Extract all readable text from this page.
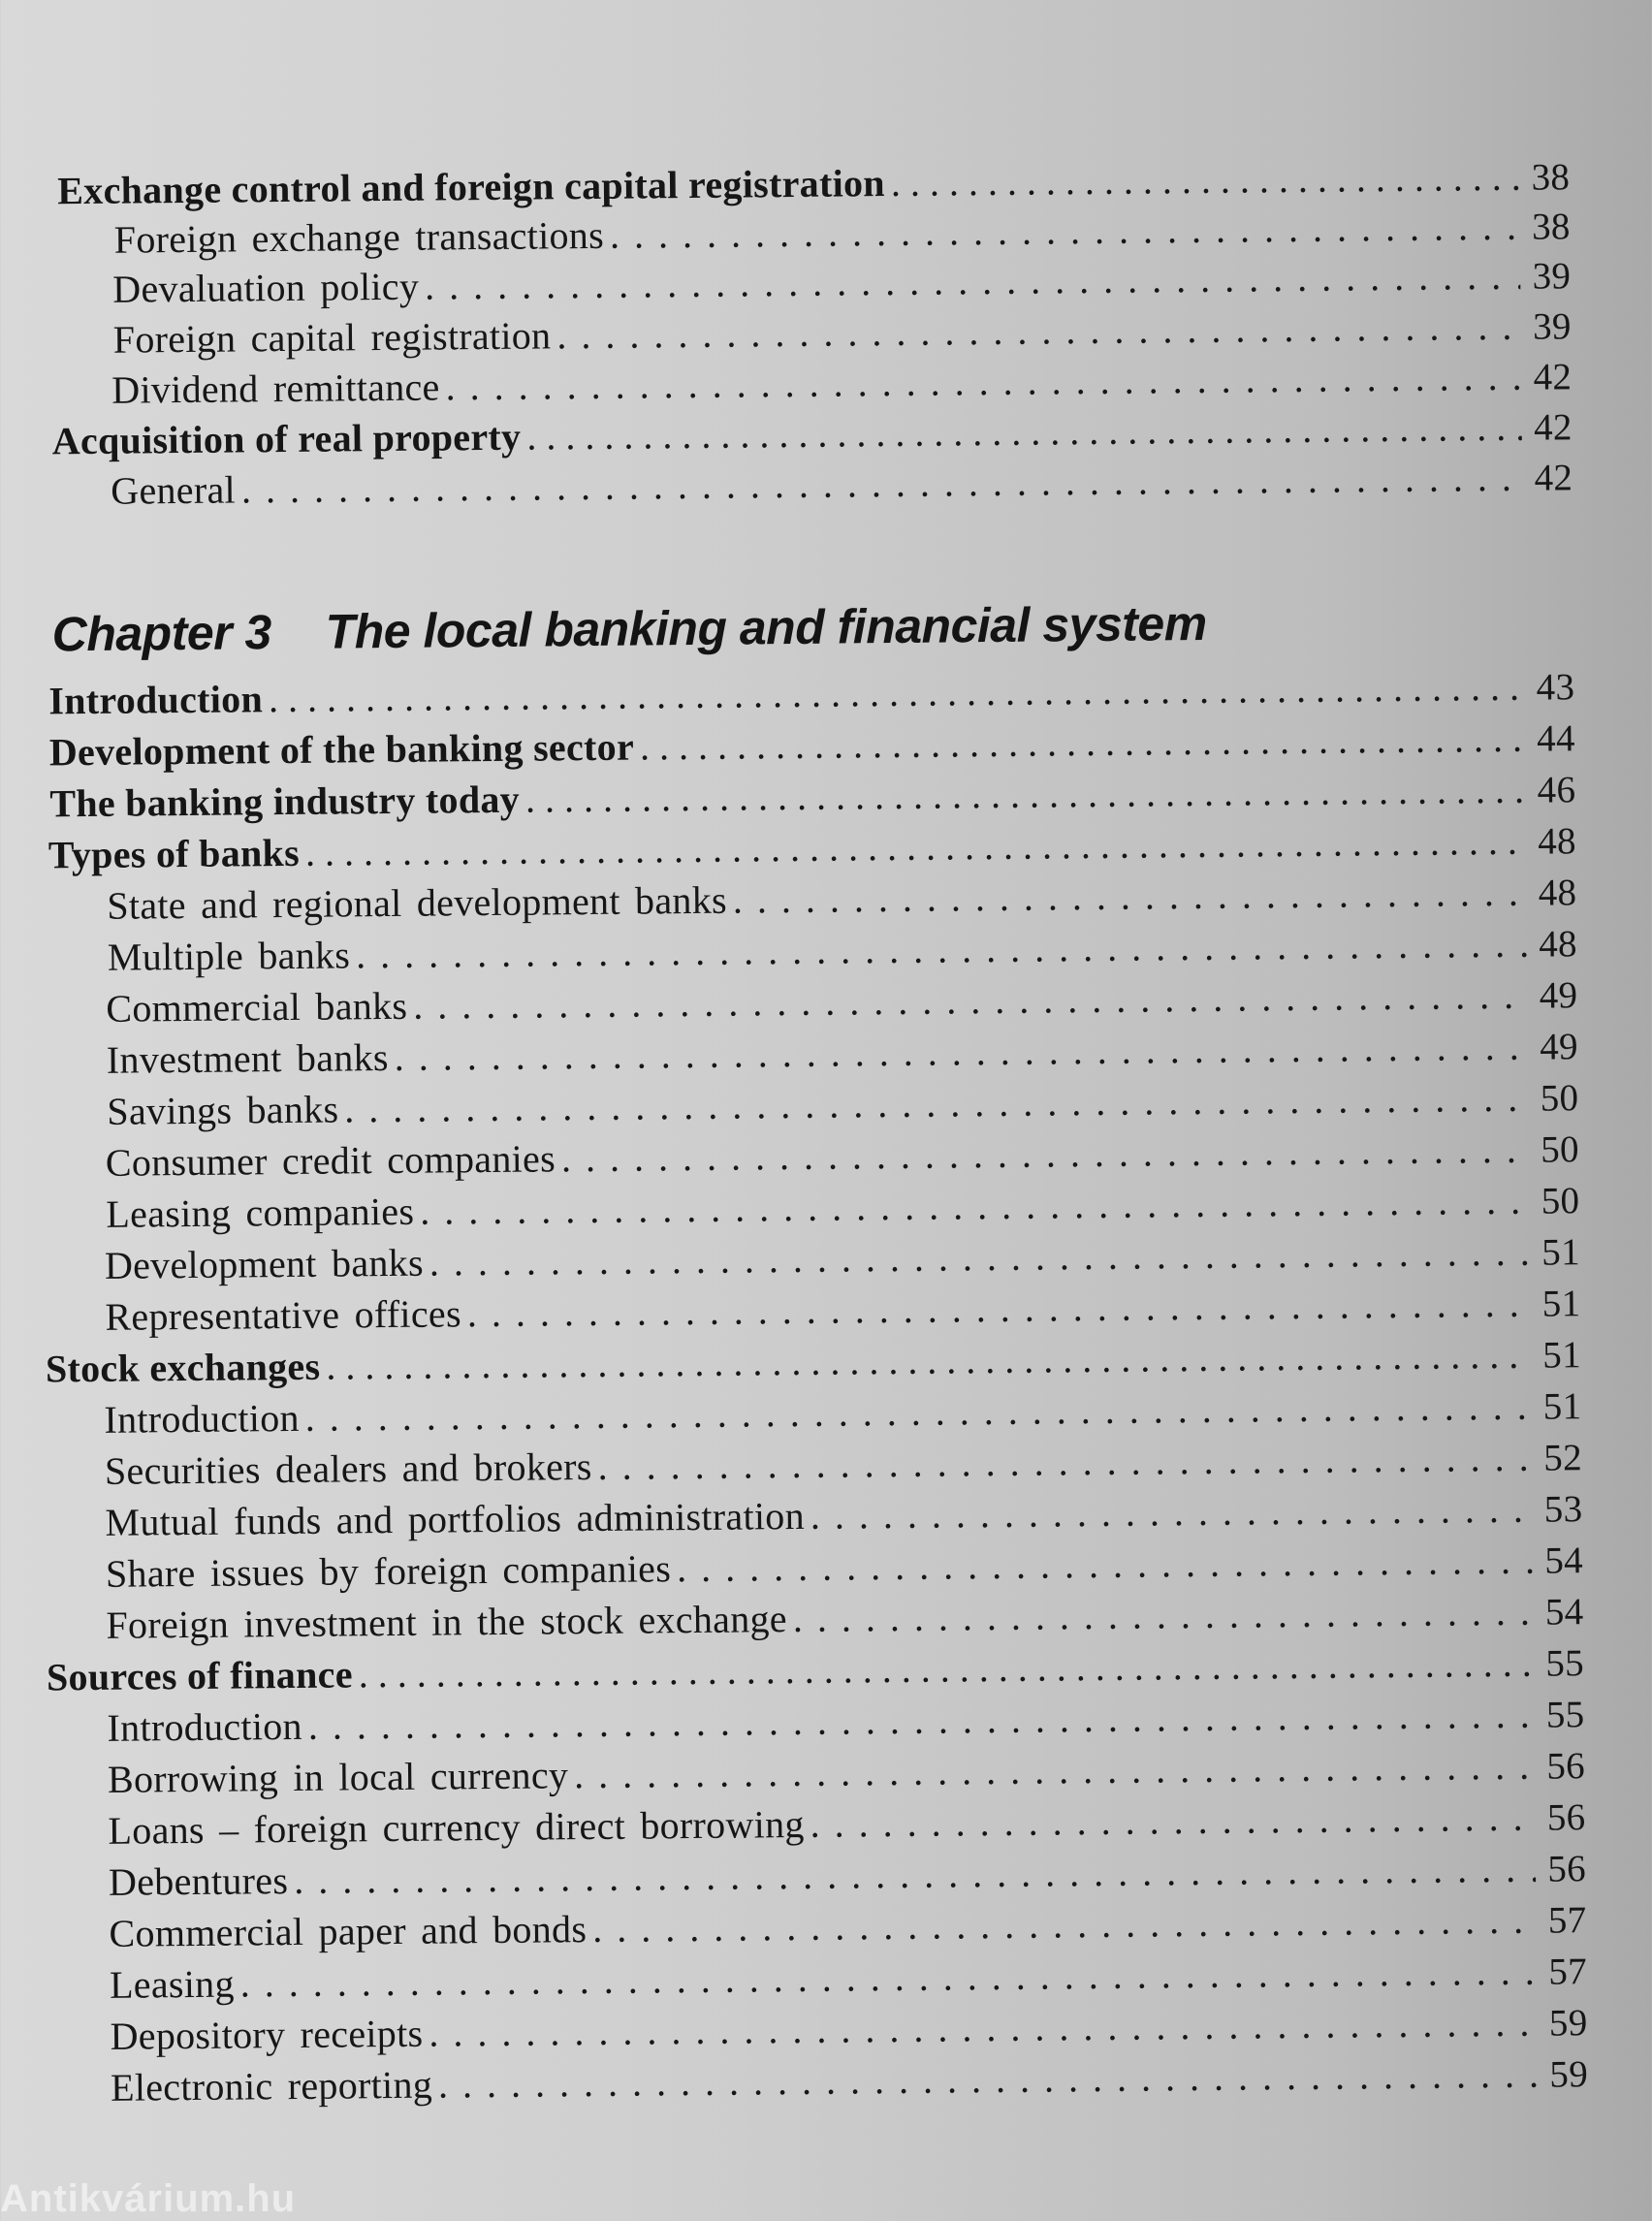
Exchange control and foreign capital registration . . .	38
Foreign exchange transactions . . .	38
Devaluation policy . . .	39
Foreign capital registration . . .	39
Dividend remittance . . .	42
Acquisition of real property . . .	42
General . . .	42
Chapter 3 The local banking and financial system
Introduction . . .	43
Development of the banking sector . . .	44
The banking industry today . . .	46
Types of banks . . .	48
State and regional development banks . . .	48
Multiple banks . . .	48
Commercial banks . . .	49
Investment banks . . .	49
Savings banks . . .	50
Consumer credit companies . . .	50
Leasing companies . . .	50
Development banks . . .	51
Representative offices . . .	51
Stock exchanges . . .	51
Introduction . . .	51
Securities dealers and brokers . . .	52
Mutual funds and portfolios administration . . .	53
Share issues by foreign companies . . .	54
Foreign investment in the stock exchange . . .	54
Sources of finance . . .	55
Introduction . . .	55
Borrowing in local currency . . .	56
Loans – foreign currency direct borrowing . . .	56
Debentures . . .	56
Commercial paper and bonds . . .	57
Leasing . . .	57
Depository receipts . . .	59
Electronic reporting . . .	59
Antikvárium.hu
